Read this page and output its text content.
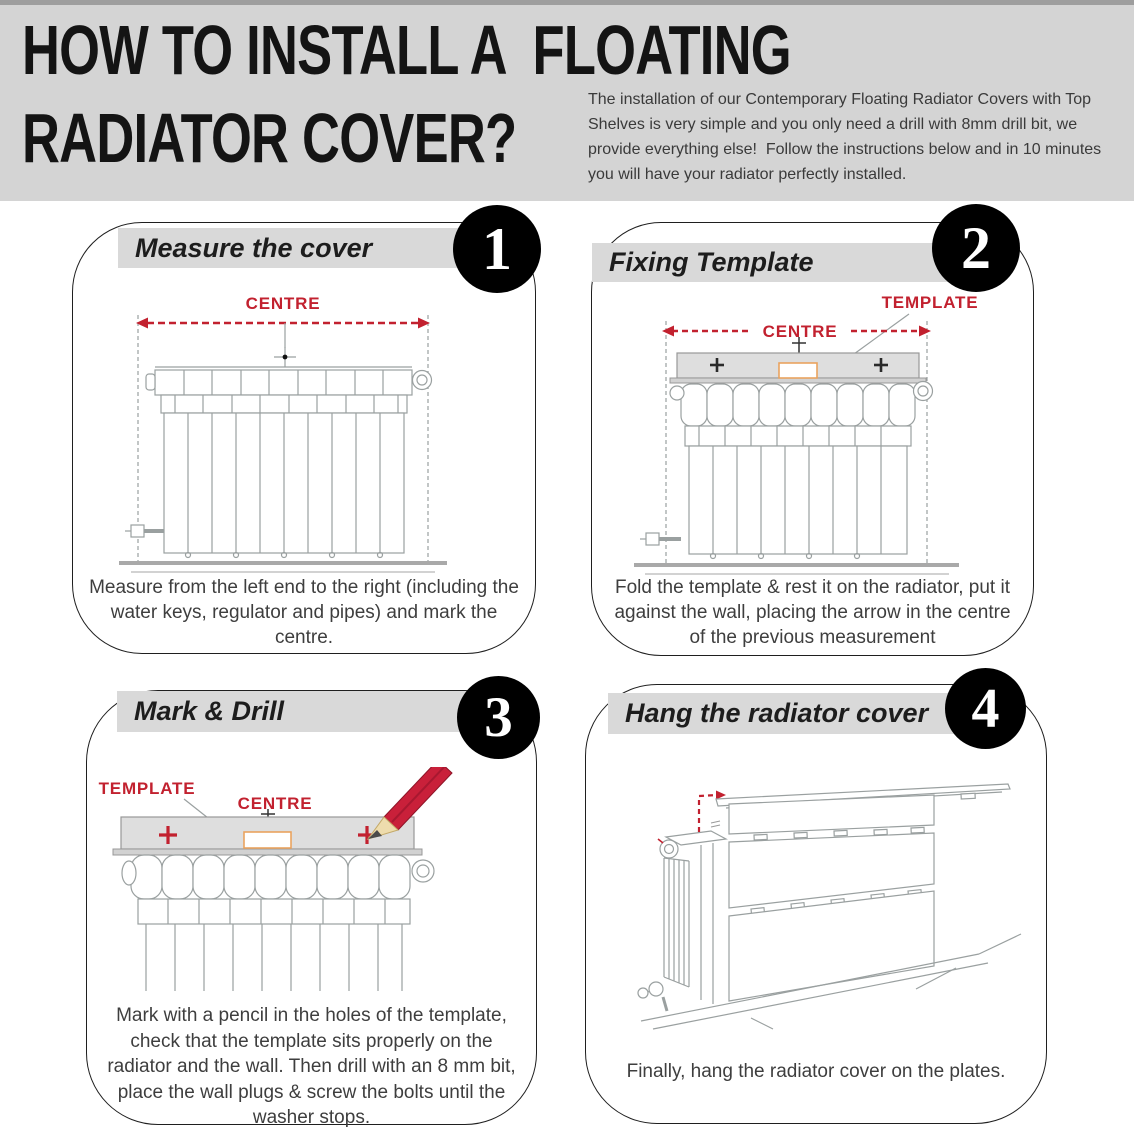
HOW TO INSTALL A  FLOATING
RADIATOR COVER?	The installation of our Contemporary Floating Radiator Covers with Top Shelves is very simple and you only need a drill with 8mm drill bit, we provide everything else!  Follow the instructions below and in 10 minutes you will have your radiator perfectly installed.

Measure the cover 1
CENTRE

Measure from the left end to the right (including the water keys, regulator and pipes) and mark the centre.

Fixing Template 2
TEMPLATE
CENTRE

Fold the template & rest it on the radiator, put it against the wall, placing the arrow in the centre of the previous measurement

Mark & Drill	3
TEMPLATE
CENTRE

Mark with a pencil in the holes of the template, check that the template sits properly on the radiator and the wall. Then drill with an 8 mm bit, place the wall plugs & screw the bolts until the washer stops.

Hang the radiator cover 4

Finally, hang the radiator cover on the plates.
